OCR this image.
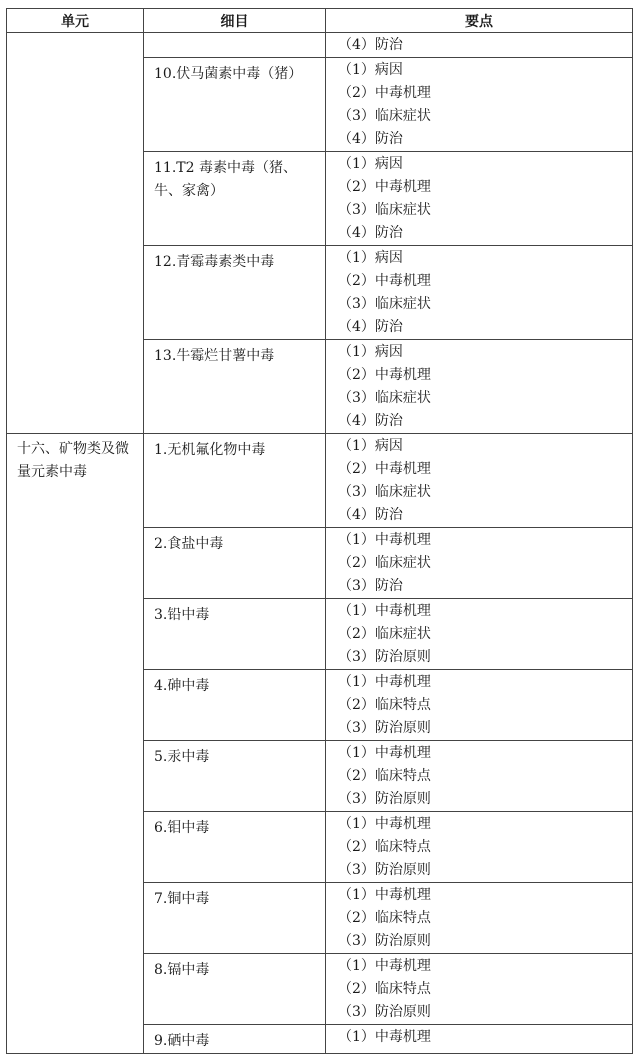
单元	细目	要点

		（4）防治

	10.伏马菌素中毒（猪）	（1）病因
（2）中毒机理
（3）临床症状
（4）防治

	11.T2 毒素中毒（猪、牛、家禽）	（1）病因
（2）中毒机理
（3）临床症状
（4）防治

	12.青霉毒素类中毒	（1）病因
（2）中毒机理
（3）临床症状
（4）防治

	13.牛霉烂甘薯中毒	（1）病因
（2）中毒机理
（3）临床症状
（4）防治

十六、矿物类及微量元素中毒	1.无机氟化物中毒	（1）病因
（2）中毒机理
（3）临床症状
（4）防治

	2.食盐中毒	（1）中毒机理
（2）临床症状
（3）防治

	3.铅中毒	（1）中毒机理
（2）临床症状
（3）防治原则

	4.砷中毒	（1）中毒机理
（2）临床特点
（3）防治原则

	5.汞中毒	（1）中毒机理
（2）临床特点
（3）防治原则

	6.钼中毒	（1）中毒机理
（2）临床特点
（3）防治原则

	7.铜中毒	（1）中毒机理
（2）临床特点
（3）防治原则

	8.镉中毒	（1）中毒机理
（2）临床特点
（3）防治原则

	9.硒中毒	（1）中毒机理
